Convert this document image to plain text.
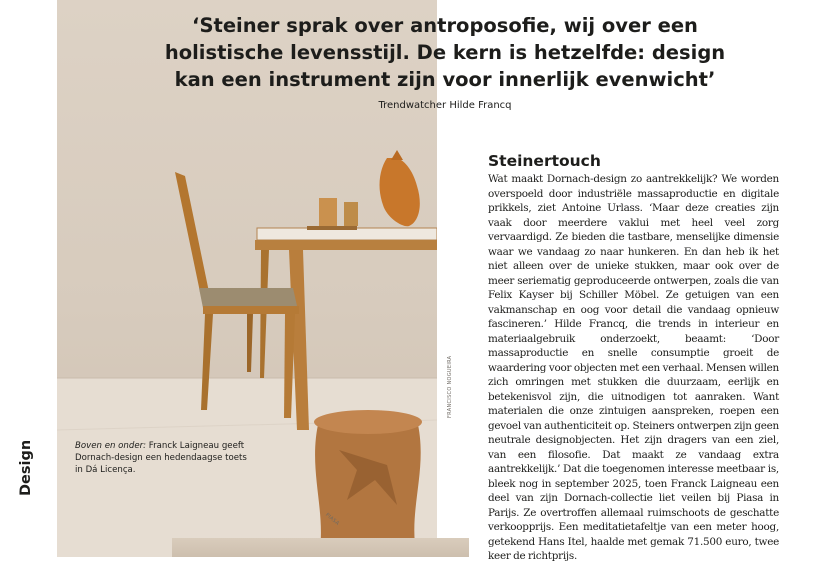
‘Steiner sprak over antroposofie, wij over een holistische levensstijl. De kern is hetzelfde: design kan een instrument zijn voor innerlijk evenwicht’

Trendwatcher Hilde Francq
Design	Boven en onder: Franck Laigneau geeft Dornach-design een hedendaagse toets in Dá Licença.
FRANCISCO NOGUEIRA
PIASA
Steinertouch

Wat maakt Dornach-design zo aantrekkelijk? We worden overspoeld door industriële massaproductie en digitale prikkels, ziet Antoine Urlass. ‘Maar deze creaties zijn vaak door meerdere vaklui met heel veel zorg vervaardigd. Ze bieden die tastbare, menselijke dimensie waar we vandaag zo naar hunkeren. En dan heb ik het niet alleen over de unieke stukken, maar ook over de meer seriematig geproduceerde ontwerpen, zoals die van Felix Kayser bij Schiller Möbel. Ze getuigen van een vakmanschap en oog voor detail die vandaag opnieuw fascineren.’ Hilde Francq, die trends in interieur en materiaalgebruik onderzoekt, beaamt: ‘Door massaproductie en snelle consumptie groeit de waardering voor objecten met een verhaal. Mensen willen zich omringen met stukken die duurzaam, eerlijk en betekenisvol zijn, die uitnodigen tot aanraken. Want materialen die onze zintuigen aanspreken, roepen een gevoel van authenticiteit op. Steiners ontwerpen zijn geen neutrale designobjecten. Het zijn dragers van een ziel, van een filosofie. Dat maakt ze vandaag extra aantrekkelijk.’ Dat die toegenomen interesse meetbaar is, bleek nog in september 2025, toen Franck Laigneau een deel van zijn Dornach-collectie liet veilen bij Piasa in Parijs. Ze overtroffen allemaal ruimschoots de geschatte verkoopprijs. Een meditatietafeltje van een meter hoog, getekend Hans Itel, haalde met gemak 71.500 euro, twee keer de richtprijs.
